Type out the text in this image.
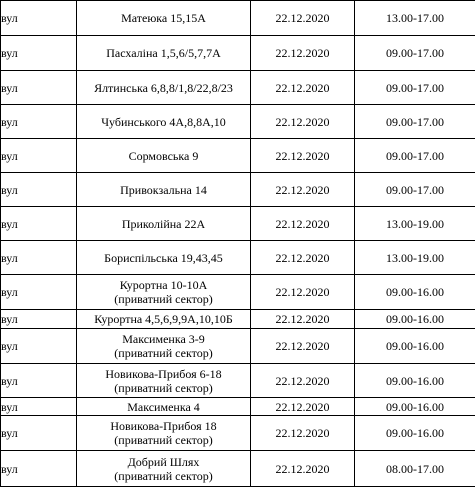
вул	Матеюка 15,15А	22.12.2020	13.00-17.00
вул	Пасхаліна 1,5,6/5,7,7А	22.12.2020	09.00-17.00
вул	Ялтинська 6,8,8/1,8/22,8/23	22.12.2020	09.00-17.00
вул	Чубинського 4А,8,8А,10	22.12.2020	09.00-17.00
вул	Сормовська 9	22.12.2020	09.00-17.00
вул	Привокзальна 14	22.12.2020	09.00-17.00
вул	Приколійна 22А	22.12.2020	13.00-19.00
вул	Бориспільська 19,43,45	22.12.2020	13.00-19.00
вул	Курортна 10-10А
(приватний сектор)	22.12.2020	09.00-16.00
вул	Курортна 4,5,6,9,9А,10,10Б	22.12.2020	09.00-16.00
вул	Максименка 3-9
(приватний сектор)	22.12.2020	09.00-16.00
вул	Новикова-Прибоя 6-18
(приватний сектор)	22.12.2020	09.00-16.00
вул	Максименка 4	22.12.2020	09.00-16.00
вул	Новикова-Прибоя 18
(приватний сектор)	22.12.2020	09.00-16.00
вул	Добрий Шлях
(приватний сектор)	22.12.2020	08.00-17.00
